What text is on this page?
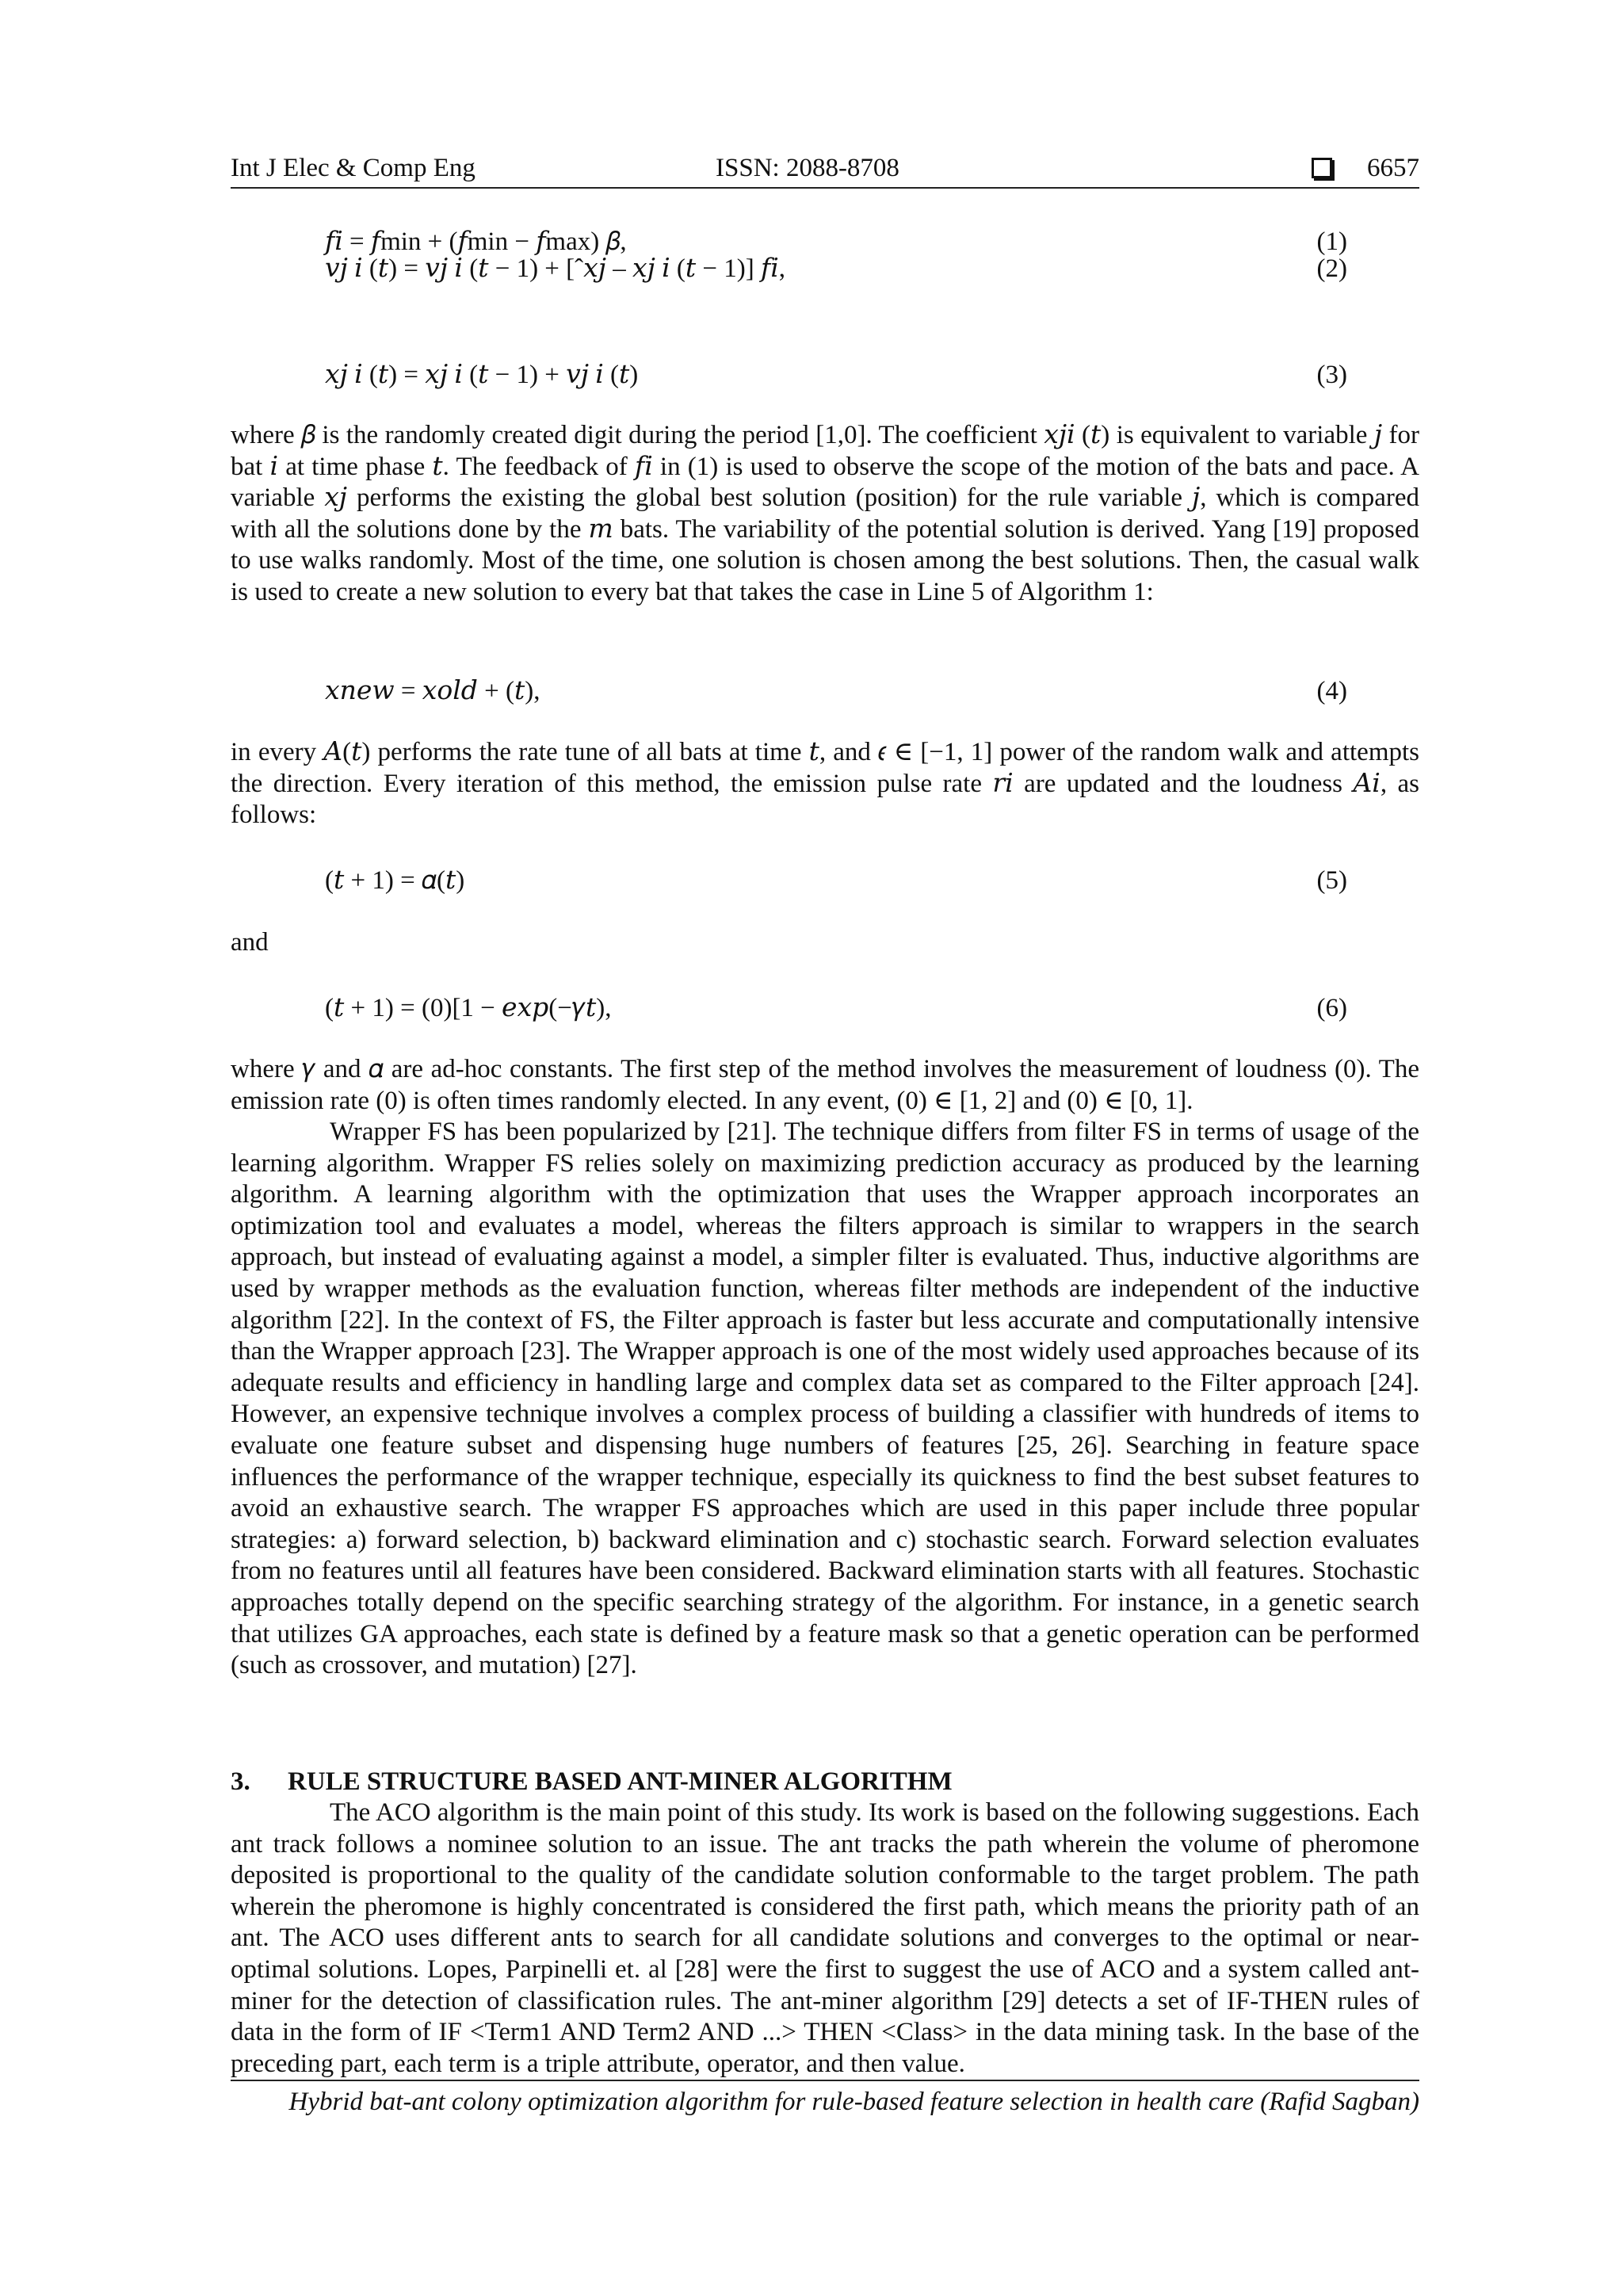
Int J Elec & Comp Eng	ISSN: 2088-8708	6657
𝑓𝑖 = 𝑓min + (𝑓min − 𝑓max) 𝛽,	(1)
𝑣𝑗 𝑖 (𝑡) = 𝑣𝑗 𝑖 (𝑡 − 1) + [ˆ𝑥𝑗 – 𝑥𝑗 𝑖 (𝑡 − 1)] 𝑓𝑖,	(2)
𝑥𝑗 𝑖 (𝑡) = 𝑥𝑗 𝑖 (𝑡 − 1) + 𝑣𝑗 𝑖 (𝑡)	(3)
where 𝛽 is the randomly created digit during the period [1,0]. The coefficient 𝑥𝑗𝑖 (𝑡) is equivalent to variable 𝑗 for bat 𝑖 at time phase 𝑡. The feedback of 𝑓𝑖 in (1) is used to observe the scope of the motion of the bats and pace. A variable 𝑥𝑗 performs the existing the global best solution (position) for the rule variable 𝑗, which is compared with all the solutions done by the 𝑚 bats. The variability of the potential solution is derived. Yang [19] proposed to use walks randomly. Most of the time, one solution is chosen among the best solutions. Then, the casual walk is used to create a new solution to every bat that takes the case in Line 5 of Algorithm 1:
𝑥𝑛𝑒𝑤 = 𝑥𝑜𝑙𝑑 + (𝑡),	(4)
in every 𝐴(𝑡) performs the rate tune of all bats at time 𝑡, and 𝜖 ∈ [−1, 1] power of the random walk and attempts the direction. Every iteration of this method, the emission pulse rate 𝑟𝑖 are updated and the loudness 𝐴𝑖, as follows:
(𝑡 + 1) = 𝛼(𝑡)	(5)
and
(𝑡 + 1) = (0)[1 − 𝑒𝑥𝑝(−𝛾𝑡),	(6)
where 𝛾 and 𝛼 are ad-hoc constants. The first step of the method involves the measurement of loudness (0). The emission rate (0) is often times randomly elected. In any event, (0) ∈ [1, 2] and (0) ∈ [0, 1].
Wrapper FS has been popularized by [21]. The technique differs from filter FS in terms of usage of the learning algorithm. Wrapper FS relies solely on maximizing prediction accuracy as produced by the learning algorithm. A learning algorithm with the optimization that uses the Wrapper approach incorporates an optimization tool and evaluates a model, whereas the filters approach is similar to wrappers in the search approach, but instead of evaluating against a model, a simpler filter is evaluated. Thus, inductive algorithms are used by wrapper methods as the evaluation function, whereas filter methods are independent of the inductive algorithm [22]. In the context of FS, the Filter approach is faster but less accurate and computationally intensive than the Wrapper approach [23]. The Wrapper approach is one of the most widely used approaches because of its adequate results and efficiency in handling large and complex data set as compared to the Filter approach [24]. However, an expensive technique involves a complex process of building a classifier with hundreds of items to evaluate one feature subset and dispensing huge numbers of features [25, 26]. Searching in feature space influences the performance of the wrapper technique, especially its quickness to find the best subset features to avoid an exhaustive search. The wrapper FS approaches which are used in this paper include three popular strategies: a) forward selection, b) backward elimination and c) stochastic search. Forward selection evaluates from no features until all features have been considered. Backward elimination starts with all features. Stochastic approaches totally depend on the specific searching strategy of the algorithm. For instance, in a genetic search that utilizes GA approaches, each state is defined by a feature mask so that a genetic operation can be performed (such as crossover, and mutation) [27].
3. RULE STRUCTURE BASED ANT-MINER ALGORITHM
The ACO algorithm is the main point of this study. Its work is based on the following suggestions. Each ant track follows a nominee solution to an issue. The ant tracks the path wherein the volume of pheromone deposited is proportional to the quality of the candidate solution conformable to the target problem. The path wherein the pheromone is highly concentrated is considered the first path, which means the priority path of an ant. The ACO uses different ants to search for all candidate solutions and converges to the optimal or near-optimal solutions. Lopes, Parpinelli et. al [28] were the first to suggest the use of ACO and a system called ant-miner for the detection of classification rules. The ant-miner algorithm [29] detects a set of IF-THEN rules of data in the form of IF <Term1 AND Term2 AND ...> THEN <Class> in the data mining task. In the base of the preceding part, each term is a triple attribute, operator, and then value.
Hybrid bat-ant colony optimization algorithm for rule-based feature selection in health care (Rafid Sagban)
